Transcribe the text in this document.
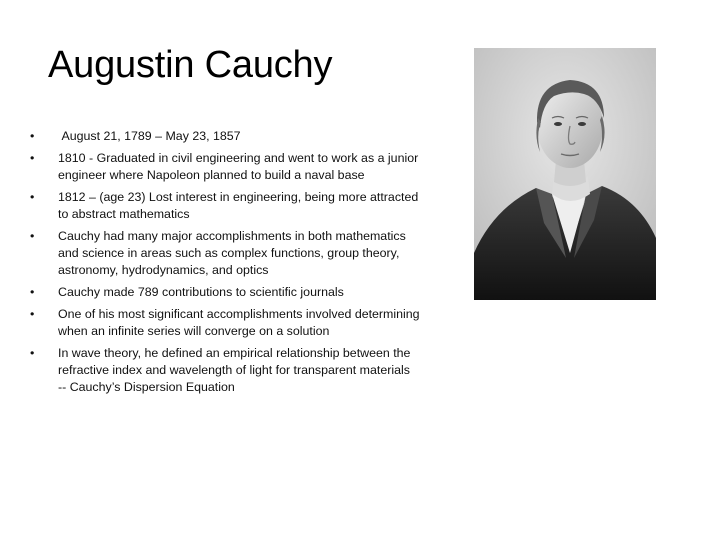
Augustin Cauchy
•	August 21, 1789 – May 23, 1857
•	1810 - Graduated in civil engineering and went to work as a junior engineer where Napoleon planned to build a naval base
•	1812 – (age 23) Lost interest in engineering, being more attracted to abstract mathematics
•	Cauchy had many major accomplishments in both mathematics and science in areas such as complex functions, group theory, astronomy, hydrodynamics, and optics
•	Cauchy made 789 contributions to scientific journals
•	One of his most significant accomplishments involved determining when an infinite series will converge on a solution
•	In wave theory, he defined an empirical relationship between the refractive index and wavelength of light for transparent materials  -- Cauchy’s Dispersion Equation
